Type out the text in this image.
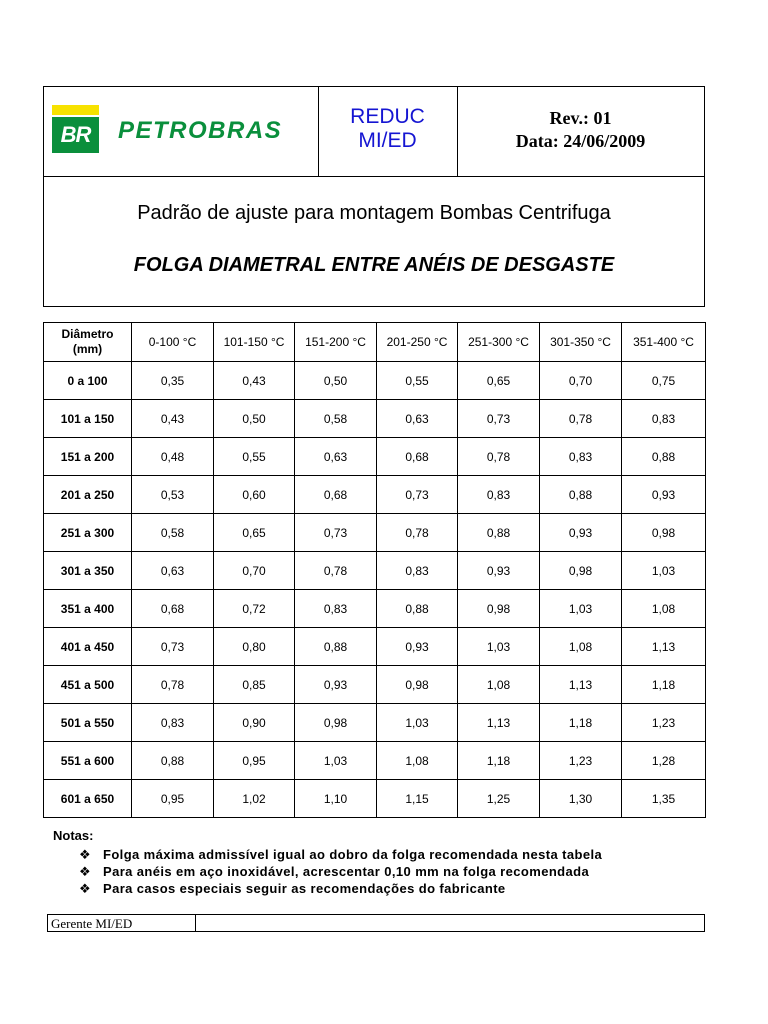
BR	PETROBRAS
REDUC
MI/ED
Rev.: 01
Data: 24/06/2009
Padrão de ajuste para montagem Bombas Centrifuga
FOLGA DIAMETRAL ENTRE ANÉIS DE DESGASTE
Diâmetro
(mm)	0-100 °C	101-150 °C	151-200 °C	201-250 °C	251-300 °C	301-350 °C	351-400 °C
0 a 100	0,35	0,43	0,50	0,55	0,65	0,70	0,75
101 a 150	0,43	0,50	0,58	0,63	0,73	0,78	0,83
151 a 200	0,48	0,55	0,63	0,68	0,78	0,83	0,88
201 a 250	0,53	0,60	0,68	0,73	0,83	0,88	0,93
251 a 300	0,58	0,65	0,73	0,78	0,88	0,93	0,98
301 a 350	0,63	0,70	0,78	0,83	0,93	0,98	1,03
351 a 400	0,68	0,72	0,83	0,88	0,98	1,03	1,08
401 a 450	0,73	0,80	0,88	0,93	1,03	1,08	1,13
451 a 500	0,78	0,85	0,93	0,98	1,08	1,13	1,18
501 a 550	0,83	0,90	0,98	1,03	1,13	1,18	1,23
551 a 600	0,88	0,95	1,03	1,08	1,18	1,23	1,28
601 a 650	0,95	1,02	1,10	1,15	1,25	1,30	1,35
Notas:
❖ Folga máxima admissível igual ao dobro da folga recomendada nesta tabela
❖ Para anéis em aço inoxidável, acrescentar 0,10 mm na folga recomendada
❖ Para casos especiais seguir as recomendações do fabricante
Gerente MI/ED
